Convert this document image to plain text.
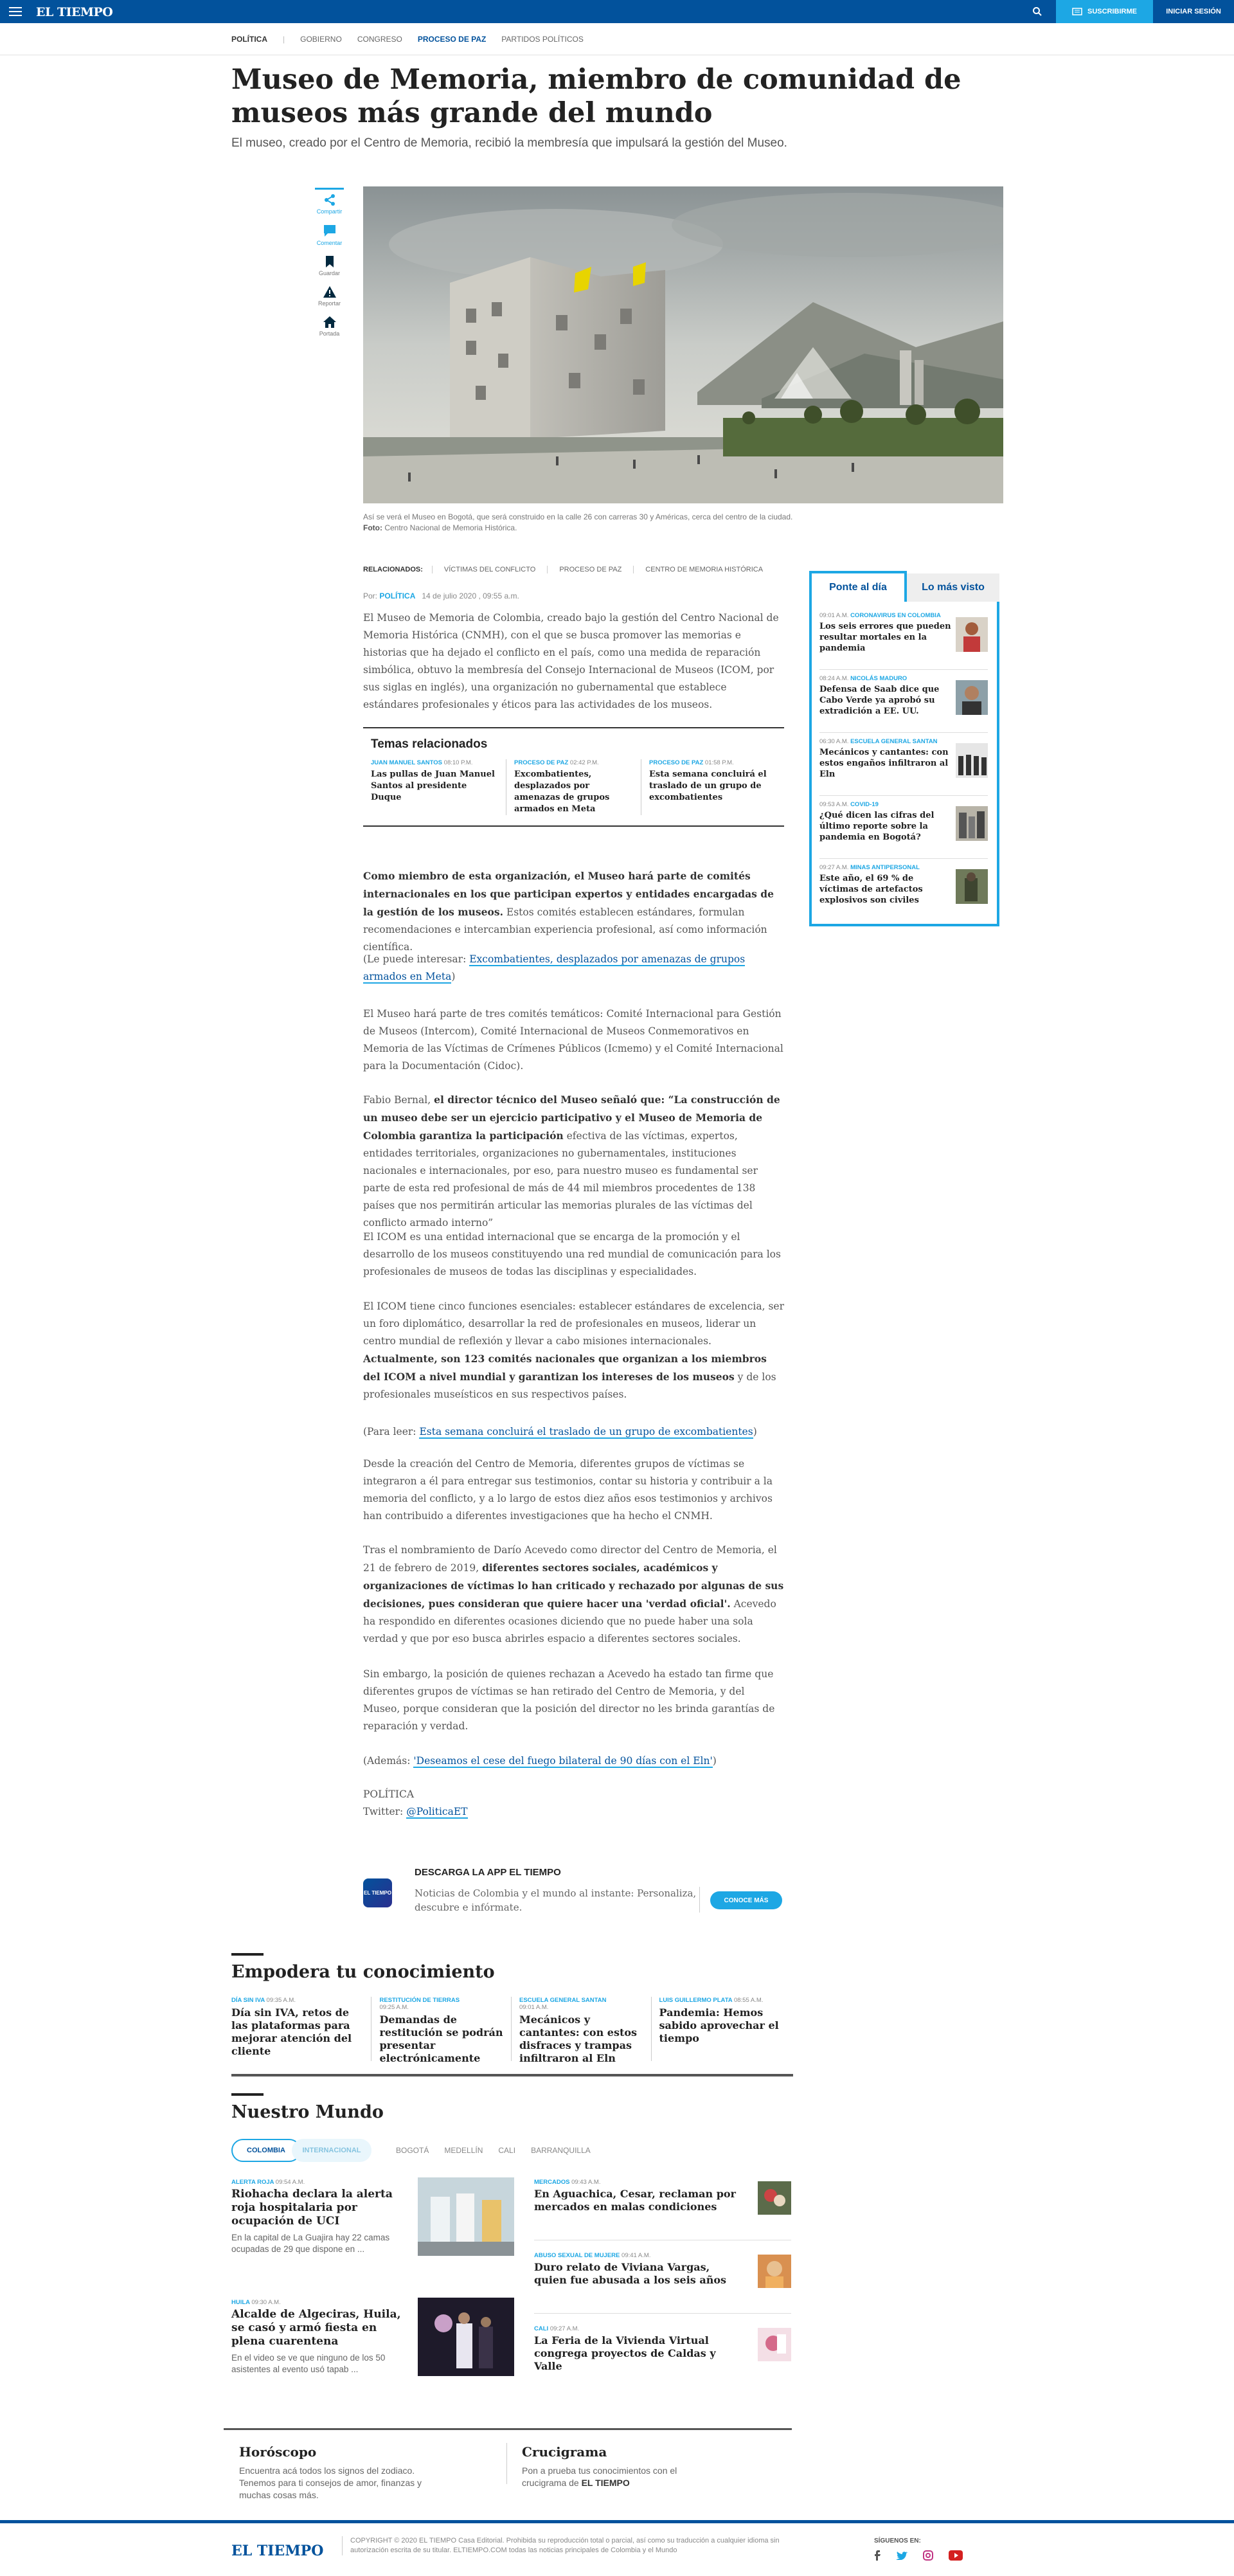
EL TIEMPO	SUSCRIBIRME	INICIAR SESIÓN
POLÍTICA | GOBIERNO CONGRESO PROCESO DE PAZ PARTIDOS POLÍTICOS
Museo de Memoria, miembro de comunidad de museos más grande del mundo

El museo, creado por el Centro de Memoria, recibió la membresía que impulsará la gestión del Museo.

Compartir
Comentar
Guardar
Reportar
Portada
Así se verá el Museo en Bogotá, que será construido en la calle 26 con carreras 30 y Américas, cerca del centro de la ciudad.
Foto: Centro Nacional de Memoria Histórica.
RELACIONADOS:	VÍCTIMAS DEL CONFLICTO	PROCESO DE PAZ	CENTRO DE MEMORIA HISTÓRICA
Por: POLÍTICA 14 de julio 2020 , 09:55 a.m.
El Museo de Memoria de Colombia, creado bajo la gestión del Centro Nacional de Memoria Histórica (CNMH), con el que se busca promover las memorias e historias que ha dejado el conflicto en el país, como una medida de reparación simbólica, obtuvo la membresía del Consejo Internacional de Museos (ICOM, por sus siglas en inglés), una organización no gubernamental que establece estándares profesionales y éticos para las actividades de los museos.
Temas relacionados
JUAN MANUEL SANTOS 08:10 P.M.
Las pullas de Juan Manuel Santos al presidente Duque
PROCESO DE PAZ 02:42 P.M.
Excombatientes, desplazados por amenazas de grupos armados en Meta
PROCESO DE PAZ 01:58 P.M.
Esta semana concluirá el traslado de un grupo de excombatientes
Como miembro de esta organización, el Museo hará parte de comités internacionales en los que participan expertos y entidades encargadas de la gestión de los museos. Estos comités establecen estándares, formulan recomendaciones e intercambian experiencia profesional, así como información científica.
(Le puede interesar: Excombatientes, desplazados por amenazas de grupos armados en Meta)
El Museo hará parte de tres comités temáticos: Comité Internacional para Gestión de Museos (Intercom), Comité Internacional de Museos Conmemorativos en Memoria de las Víctimas de Crímenes Públicos (Icmemo) y el Comité Internacional para la Documentación (Cidoc).
Fabio Bernal, el director técnico del Museo señaló que: “La construcción de un museo debe ser un ejercicio participativo y el Museo de Memoria de Colombia garantiza la participación efectiva de las víctimas, expertos, entidades territoriales, organizaciones no gubernamentales, instituciones nacionales e internacionales, por eso, para nuestro museo es fundamental ser parte de esta red profesional de más de 44 mil miembros procedentes de 138 países que nos permitirán articular las memorias plurales de las víctimas del conflicto armado interno”
El ICOM es una entidad internacional que se encarga de la promoción y el desarrollo de los museos constituyendo una red mundial de comunicación para los profesionales de museos de todas las disciplinas y especialidades.
El ICOM tiene cinco funciones esenciales: establecer estándares de excelencia, ser un foro diplomático, desarrollar la red de profesionales en museos, liderar un centro mundial de reflexión y llevar a cabo misiones internacionales. Actualmente, son 123 comités nacionales que organizan a los miembros del ICOM a nivel mundial y garantizan los intereses de los museos y de los profesionales museísticos en sus respectivos países.
(Para leer: Esta semana concluirá el traslado de un grupo de excombatientes)
Desde la creación del Centro de Memoria, diferentes grupos de víctimas se integraron a él para entregar sus testimonios, contar su historia y contribuir a la memoria del conflicto, y a lo largo de estos diez años esos testimonios y archivos han contribuido a diferentes investigaciones que ha hecho el CNMH.
Tras el nombramiento de Darío Acevedo como director del Centro de Memoria, el 21 de febrero de 2019, diferentes sectores sociales, académicos y organizaciones de víctimas lo han criticado y rechazado por algunas de sus decisiones, pues consideran que quiere hacer una 'verdad oficial'. Acevedo ha respondido en diferentes ocasiones diciendo que no puede haber una sola verdad y que por eso busca abrirles espacio a diferentes sectores sociales.
Sin embargo, la posición de quienes rechazan a Acevedo ha estado tan firme que diferentes grupos de víctimas se han retirado del Centro de Memoria, y del Museo, porque consideran que la posición del director no les brinda garantías de reparación y verdad.
(Además: 'Deseamos el cese del fuego bilateral de 90 días con el Eln')
POLÍTICA
Twitter: @PoliticaET
Ponte al día	Lo más visto
09:01 A.M. CORONAVIRUS EN COLOMBIA
Los seis errores que pueden resultar mortales en la pandemia
08:24 A.M. NICOLÁS MADURO
Defensa de Saab dice que Cabo Verde ya aprobó su extradición a EE. UU.
06:30 A.M. ESCUELA GENERAL SANTAN
Mecánicos y cantantes: con estos engaños infiltraron al Eln
09:53 A.M. COVID-19
¿Qué dicen las cifras del último reporte sobre la pandemia en Bogotá?
09:27 A.M. MINAS ANTIPERSONAL
Este año, el 69 % de víctimas de artefactos explosivos son civiles
EL TIEMPO
DESCARGA LA APP EL TIEMPO
Noticias de Colombia y el mundo al instante: Personaliza, descubre e infórmate.
CONOCE MÁS
Empodera tu conocimiento
DÍA SIN IVA 09:35 A.M.
Día sin IVA, retos de las plataformas para mejorar atención del cliente
RESTITUCIÓN DE TIERRAS
09:25 A.M.
Demandas de restitución se podrán presentar electrónicamente
ESCUELA GENERAL SANTAN
09:01 A.M.
Mecánicos y cantantes: con estos disfraces y trampas infiltraron al Eln
LUIS GUILLERMO PLATA 08:55 A.M.
Pandemia: Hemos sabido aprovechar el tiempo
Nuestro Mundo
COLOMBIA	INTERNACIONAL	BOGOTÁ MEDELLÍN CALI BARRANQUILLA
ALERTA ROJA 09:54 A.M.
Riohacha declara la alerta roja hospitalaria por ocupación de UCI
En la capital de La Guajira hay 22 camas ocupadas de 29 que dispone en ...
HUILA 09:30 A.M.
Alcalde de Algeciras, Huila, se casó y armó fiesta en plena cuarentena
En el video se ve que ninguno de los 50 asistentes al evento usó tapab ...
MERCADOS 09:43 A.M.
En Aguachica, Cesar, reclaman por mercados en malas condiciones
ABUSO SEXUAL DE MUJERE 09:41 A.M.
Duro relato de Viviana Vargas, quien fue abusada a los seis años
CALI 09:27 A.M.
La Feria de la Vivienda Virtual congrega proyectos de Caldas y Valle
Horóscopo

Encuentra acá todos los signos del zodiaco. Tenemos para ti consejos de amor, finanzas y muchas cosas más.

Crucigrama

Pon a prueba tus conocimientos con el crucigrama de EL TIEMPO

EL TIEMPO
COPYRIGHT © 2020 EL TIEMPO Casa Editorial. Prohibida su reproducción total o parcial, así como su traducción a cualquier idioma sin autorización escrita de su titular. ELTIEMPO.COM todas las noticias principales de Colombia y el Mundo
SÍGUENOS EN:
